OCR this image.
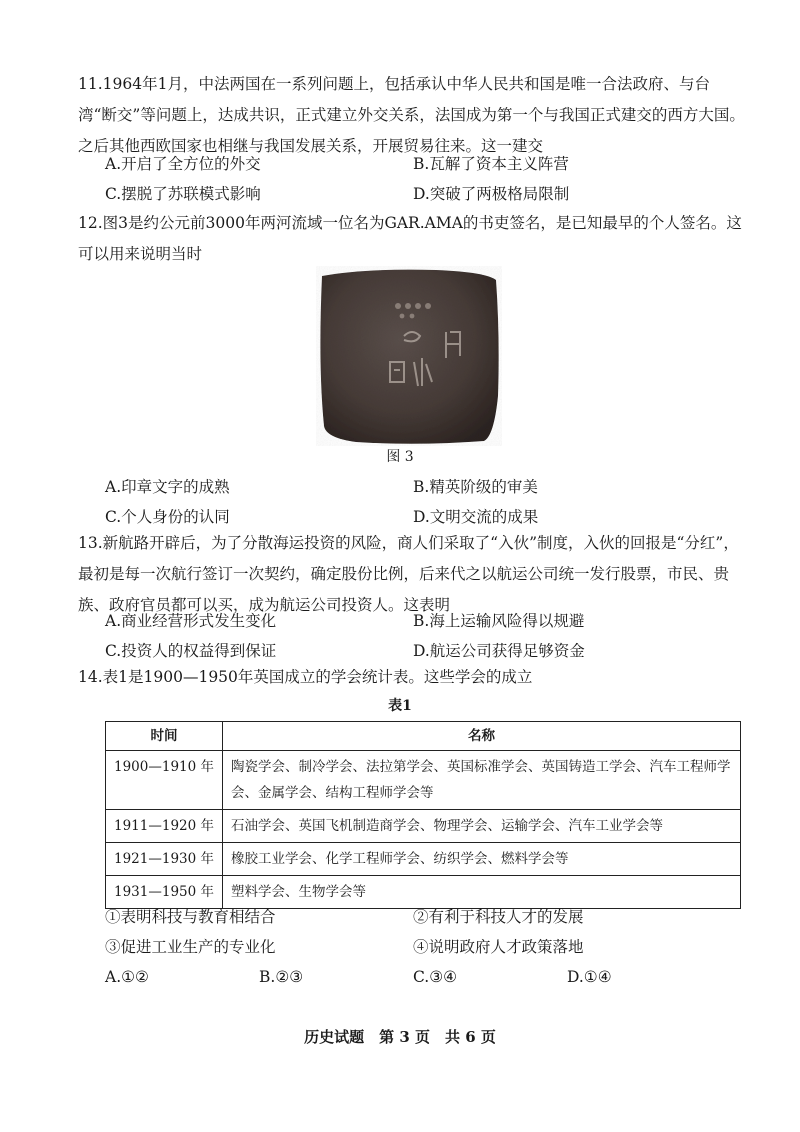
11.1964年1月，中法两国在一系列问题上，包括承认中华人民共和国是唯一合法政府、与台湾“断交”等问题上，达成共识，正式建立外交关系，法国成为第一个与我国正式建交的西方大国。之后其他西欧国家也相继与我国发展关系，开展贸易往来。这一建交
A.开启了全方位的外交	B.瓦解了资本主义阵营
C.摆脱了苏联模式影响	D.突破了两极格局限制
12.图3是约公元前3000年两河流域一位名为GAR.AMA的书吏签名，是已知最早的个人签名。这可以用来说明当时
图 3
A.印章文字的成熟	B.精英阶级的审美
C.个人身份的认同	D.文明交流的成果
13.新航路开辟后，为了分散海运投资的风险，商人们采取了“入伙”制度，入伙的回报是“分红”，最初是每一次航行签订一次契约，确定股份比例，后来代之以航运公司统一发行股票，市民、贵族、政府官员都可以买，成为航运公司投资人。这表明
A.商业经营形式发生变化	B.海上运输风险得以规避
C.投资人的权益得到保证	D.航运公司获得足够资金
14.表1是1900—1950年英国成立的学会统计表。这些学会的成立
表1
时间	名称
1900—1910 年	陶瓷学会、制冷学会、法拉第学会、英国标准学会、英国铸造工学会、汽车工程师学会、金属学会、结构工程师学会等
1911—1920 年	石油学会、英国飞机制造商学会、物理学会、运输学会、汽车工业学会等
1921—1930 年	橡胶工业学会、化学工程师学会、纺织学会、燃料学会等
1931—1950 年	塑料学会、生物学会等
①表明科技与教育相结合	②有利于科技人才的发展
③促进工业生产的专业化	④说明政府人才政策落地
A.①②	B.②③	C.③④	D.①④
历史试题　第 3 页　共 6 页
